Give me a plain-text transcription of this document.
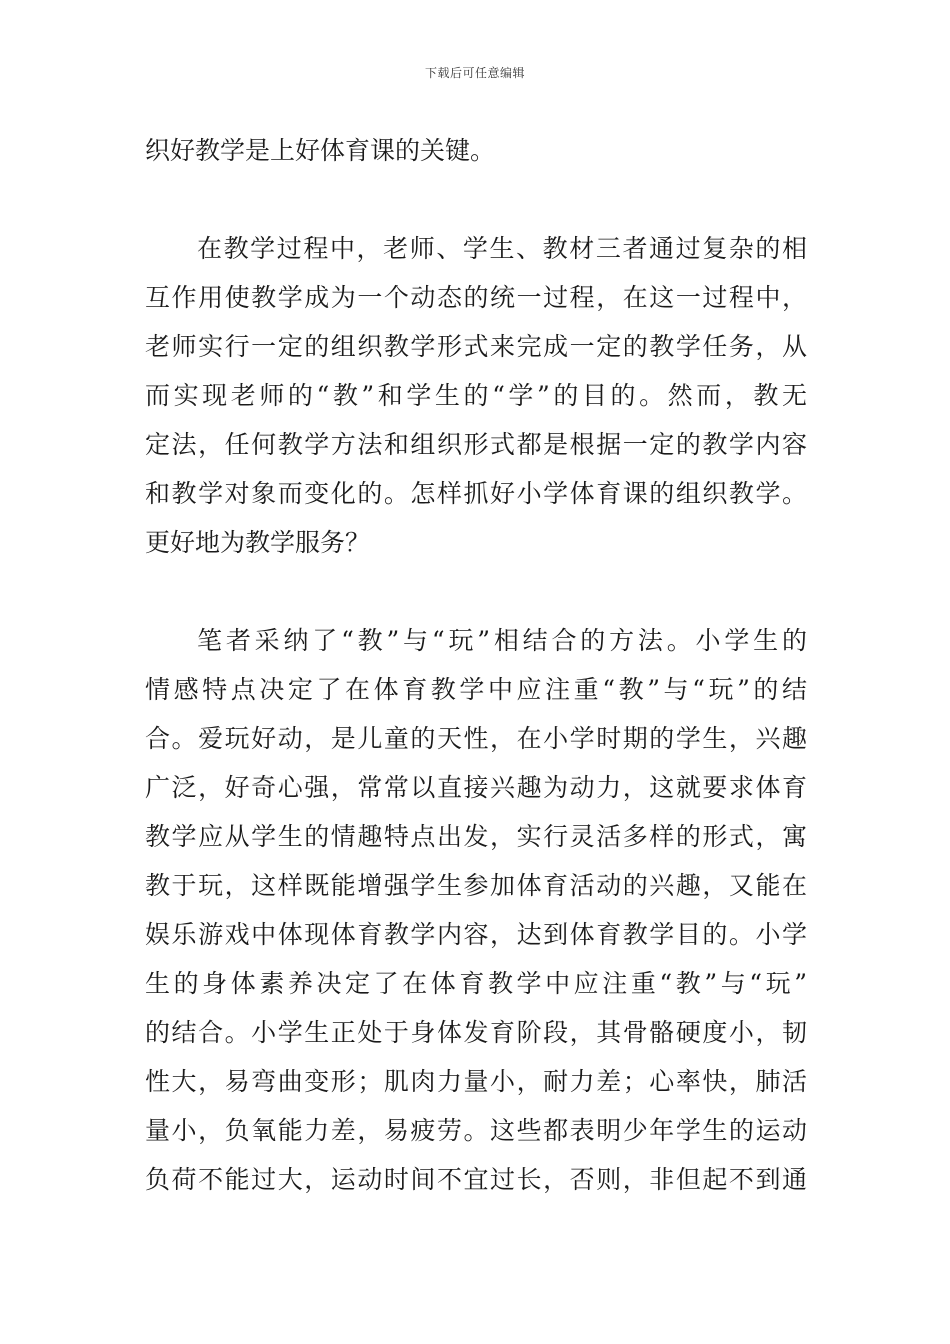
下载后可任意编辑
织好教学是上好体育课的关键。
在教学过程中，老师、学生、教材三者通过复杂的相
互作用使教学成为一个动态的统一过程，在这一过程中，
老师实行一定的组织教学形式来完成一定的教学任务，从
而实现老师的“教”和学生的“学”的目的。然而，教无
定法，任何教学方法和组织形式都是根据一定的教学内容
和教学对象而变化的。怎样抓好小学体育课的组织教学。
更好地为教学服务？
笔者采纳了“教”与“玩”相结合的方法。小学生的
情感特点决定了在体育教学中应注重“教”与“玩”的结
合。爱玩好动，是儿童的天性，在小学时期的学生，兴趣
广泛，好奇心强，常常以直接兴趣为动力，这就要求体育
教学应从学生的情趣特点出发，实行灵活多样的形式，寓
教于玩，这样既能增强学生参加体育活动的兴趣，又能在
娱乐游戏中体现体育教学内容，达到体育教学目的。小学
生的身体素养决定了在体育教学中应注重“教”与“玩”
的结合。小学生正处于身体发育阶段，其骨骼硬度小，韧
性大，易弯曲变形；肌肉力量小，耐力差；心率快，肺活
量小，负氧能力差，易疲劳。这些都表明少年学生的运动
负荷不能过大，运动时间不宜过长，否则，非但起不到通
